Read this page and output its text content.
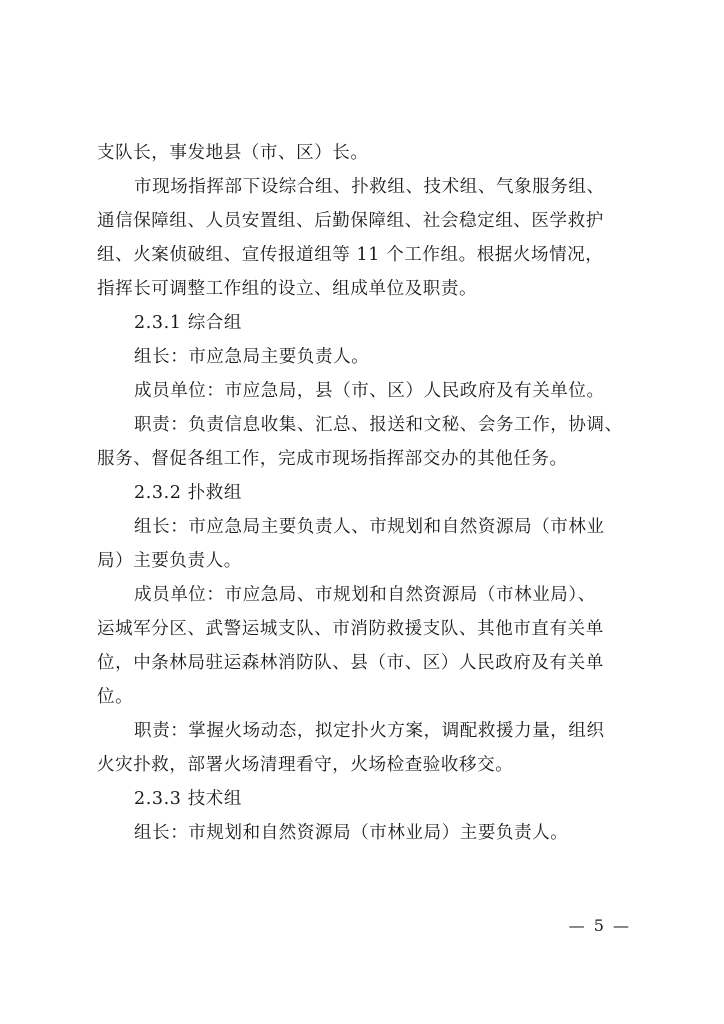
支队长，事发地县（市、区）长。
市现场指挥部下设综合组、扑救组、技术组、气象服务组、
通信保障组、人员安置组、后勤保障组、社会稳定组、医学救护
组、火案侦破组、宣传报道组等 11 个工作组。根据火场情况，
指挥长可调整工作组的设立、组成单位及职责。
2.3.1 综合组
组长：市应急局主要负责人。
成员单位：市应急局，县（市、区）人民政府及有关单位。
职责：负责信息收集、汇总、报送和文秘、会务工作，协调、
服务、督促各组工作，完成市现场指挥部交办的其他任务。
2.3.2 扑救组
组长：市应急局主要负责人、市规划和自然资源局（市林业
局）主要负责人。
成员单位：市应急局、市规划和自然资源局（市林业局）、
运城军分区、武警运城支队、市消防救援支队、其他市直有关单
位，中条林局驻运森林消防队、县（市、区）人民政府及有关单
位。
职责：掌握火场动态，拟定扑火方案，调配救援力量，组织
火灾扑救，部署火场清理看守，火场检查验收移交。
2.3.3 技术组
组长：市规划和自然资源局（市林业局）主要负责人。
— 5 —
